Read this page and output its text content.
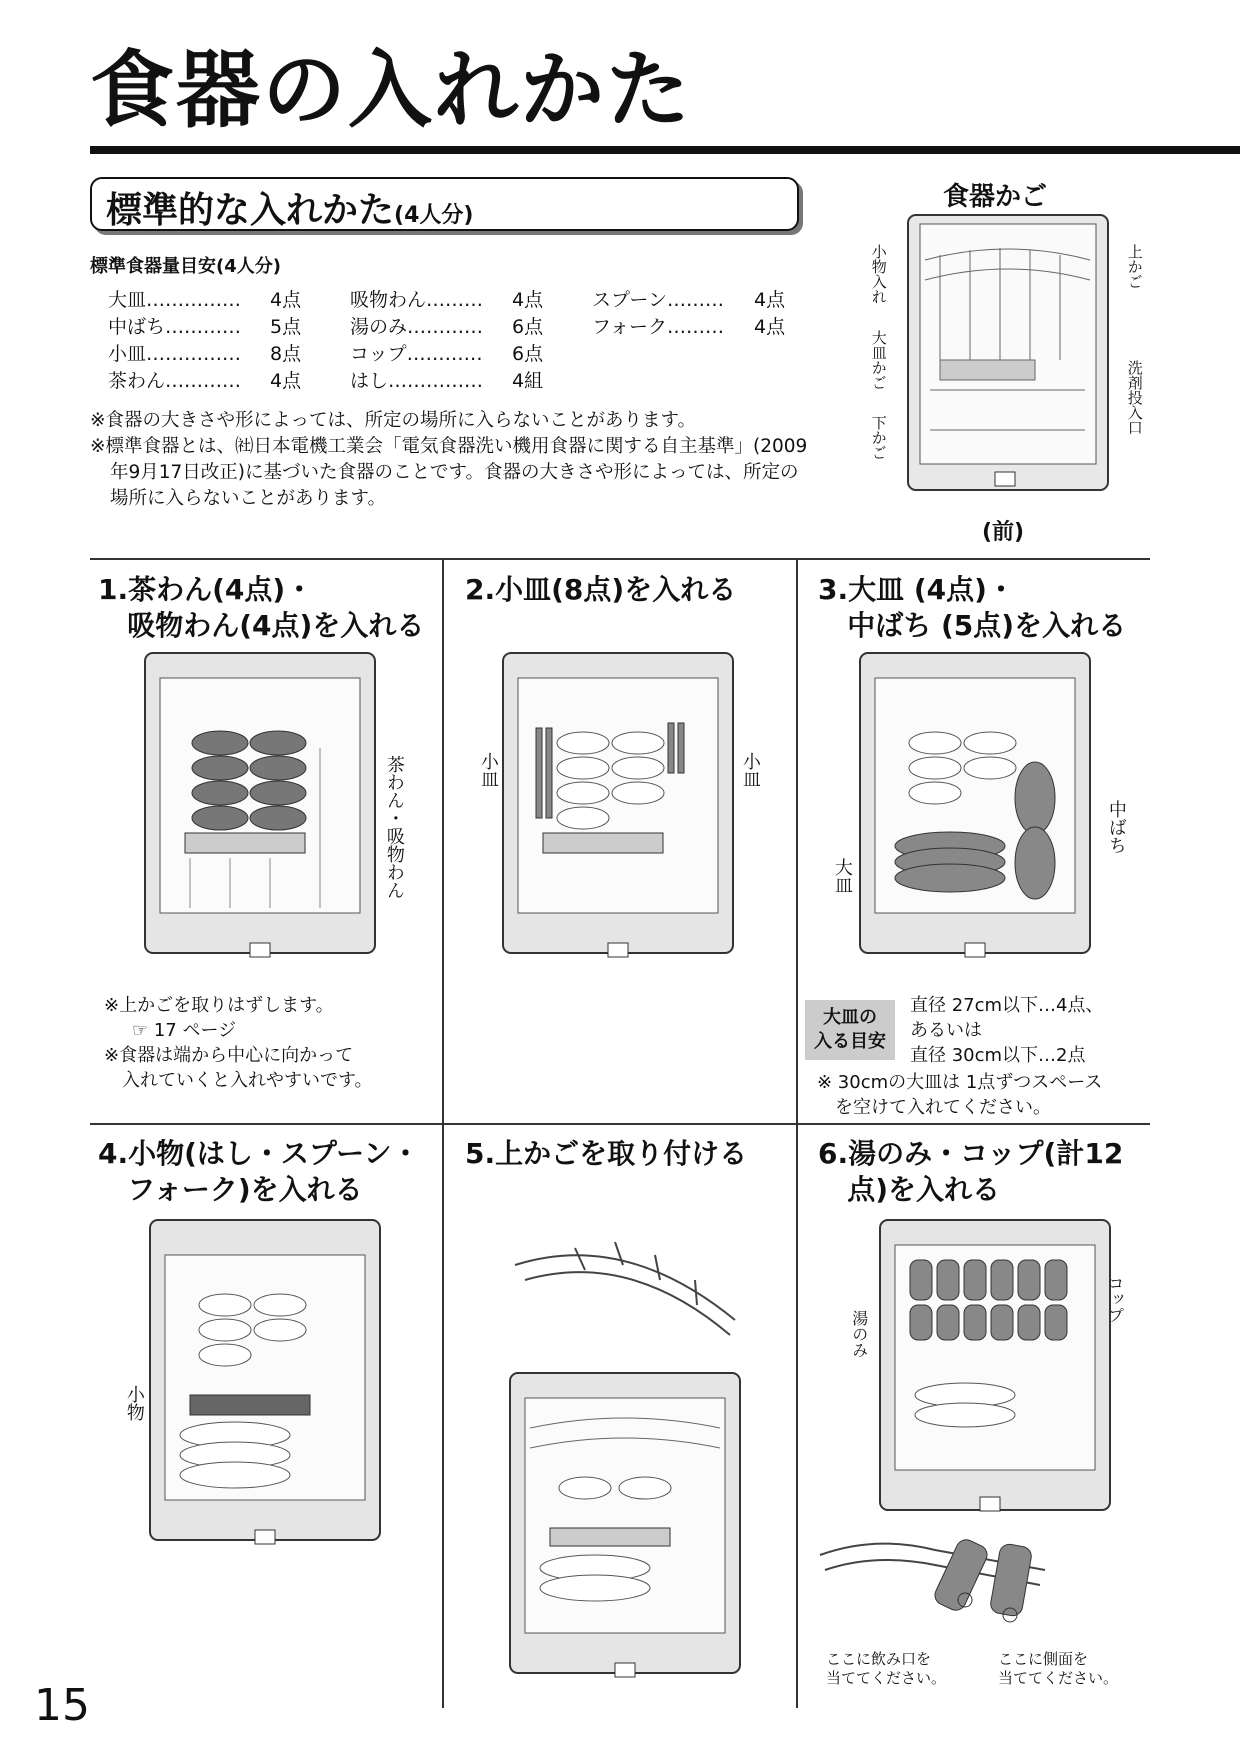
食器の入れかた
標準的な入れかた(4人分)
標準食器量目安(4人分)
大皿…………… 4点
中ばち………… 5点
小皿…………… 8点
茶わん………… 4点
吸物わん……… 4点
湯のみ………… 6点
コップ………… 6点
はし…………… 4組
スプーン……… 4点
フォーク……… 4点

※食器の大きさや形によっては、所定の場所に入らないことがあります。

※標準食器とは、㈳日本電機工業会「電気食器洗い機用食器に関する自主基準」(2009年9月17日改正)に基づいた食器のことです。食器の大きさや形によっては、所定の場所に入らないことがあります。

食器かご
小物入れ
大皿かご
下かご
上かご
洗剤投入口
(前)
1.茶わん(4点)・
吸物わん(4点)を入れる
茶わん・吸物わん

※上かごを取りはずします。

☞ 17 ページ

※食器は端から中心に向かって

　入れていくと入れやすいです。

2.小皿(8点)を入れる
小皿	小皿
3.大皿 (4点)・
中ばち (5点)を入れる
大皿
中ばち
大皿の
入る目安

直径 27cm以下…4点、

あるいは

直径 30cm以下…2点

※ 30cmの大皿は 1点ずつスペース

　を空けて入れてください。

4.小物(はし・スプーン・
フォーク)を入れる
小物
5.上かごを取り付ける	6.湯のみ・コップ(計12
点)を入れる
湯のみ
コップ
ここに飲み口を
当ててください。
ここに側面を
当ててください。
15
